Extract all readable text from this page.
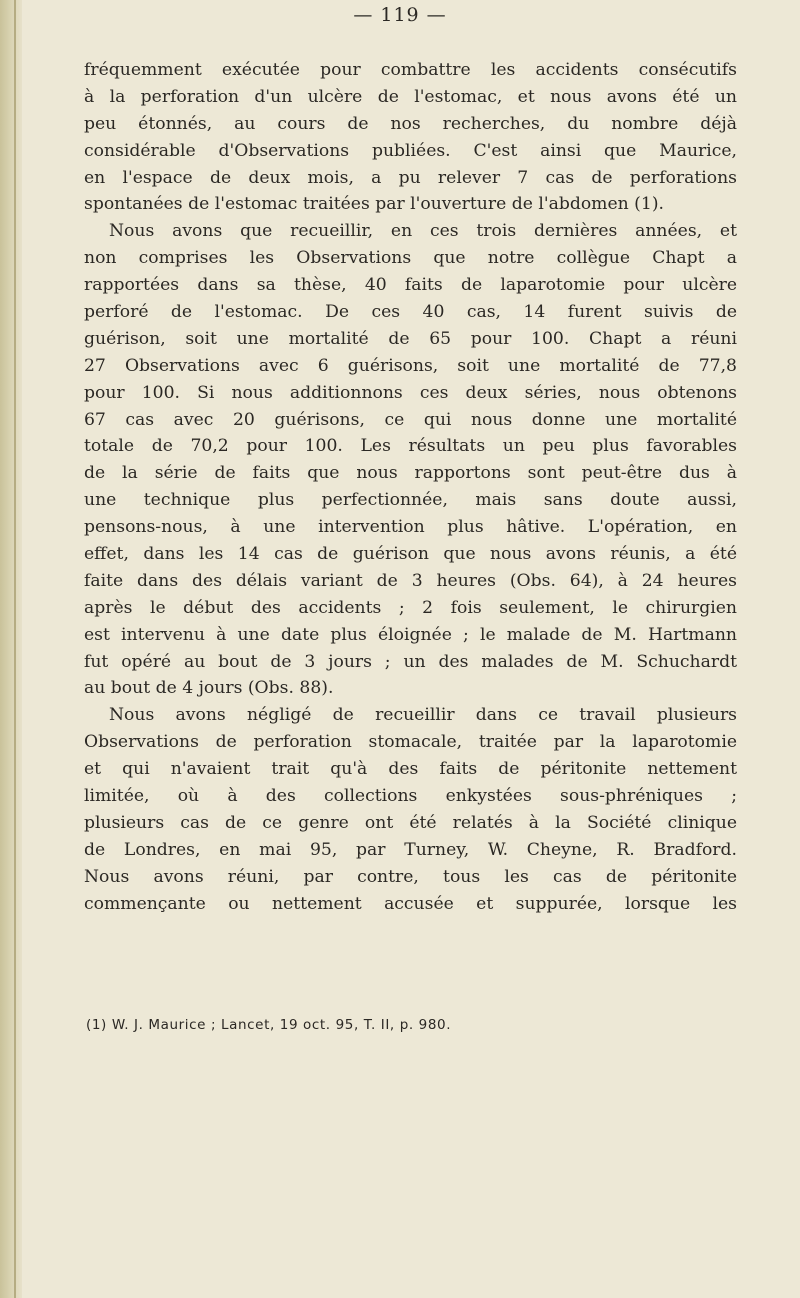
— 119 —
fréquemment exécutée pour combattre les accidents consécutifs
à la perforation d'un ulcère de l'estomac, et nous avons été un
peu étonnés, au cours de nos recherches, du nombre déjà
considérable d'Observations publiées. C'est ainsi que Maurice,
en l'espace de deux mois, a pu relever 7 cas de perforations
spontanées de l'estomac traitées par l'ouverture de l'abdomen (1).
Nous avons que recueillir, en ces trois dernières années, et
non comprises les Observations que notre collègue Chapt a
rapportées dans sa thèse, 40 faits de laparotomie pour ulcère
perforé de l'estomac. De ces 40 cas, 14 furent suivis de
guérison, soit une mortalité de 65 pour 100. Chapt a réuni
27 Observations avec 6 guérisons, soit une mortalité de 77,8
pour 100. Si nous additionnons ces deux séries, nous obtenons
67 cas avec 20 guérisons, ce qui nous donne une mortalité
totale de 70,2 pour 100. Les résultats un peu plus favorables
de la série de faits que nous rapportons sont peut-être dus à
une technique plus perfectionnée, mais sans doute aussi,
pensons-nous, à une intervention plus hâtive. L'opération, en
effet, dans les 14 cas de guérison que nous avons réunis, a été
faite dans des délais variant de 3 heures (Obs. 64), à 24 heures
après le début des accidents ; 2 fois seulement, le chirurgien
est intervenu à une date plus éloignée ; le malade de M. Hartmann
fut opéré au bout de 3 jours ; un des malades de M. Schuchardt
au bout de 4 jours (Obs. 88).
Nous avons négligé de recueillir dans ce travail plusieurs
Observations de perforation stomacale, traitée par la laparotomie
et qui n'avaient trait qu'à des faits de péritonite nettement
limitée, où à des collections enkystées sous-phréniques ;
plusieurs cas de ce genre ont été relatés à la Société clinique
de Londres, en mai 95, par Turney, W. Cheyne, R. Bradford.
Nous avons réuni, par contre, tous les cas de péritonite
commençante ou nettement accusée et suppurée, lorsque les
(1) W. J. Maurice ; Lancet, 19 oct. 95, T. II, p. 980.
